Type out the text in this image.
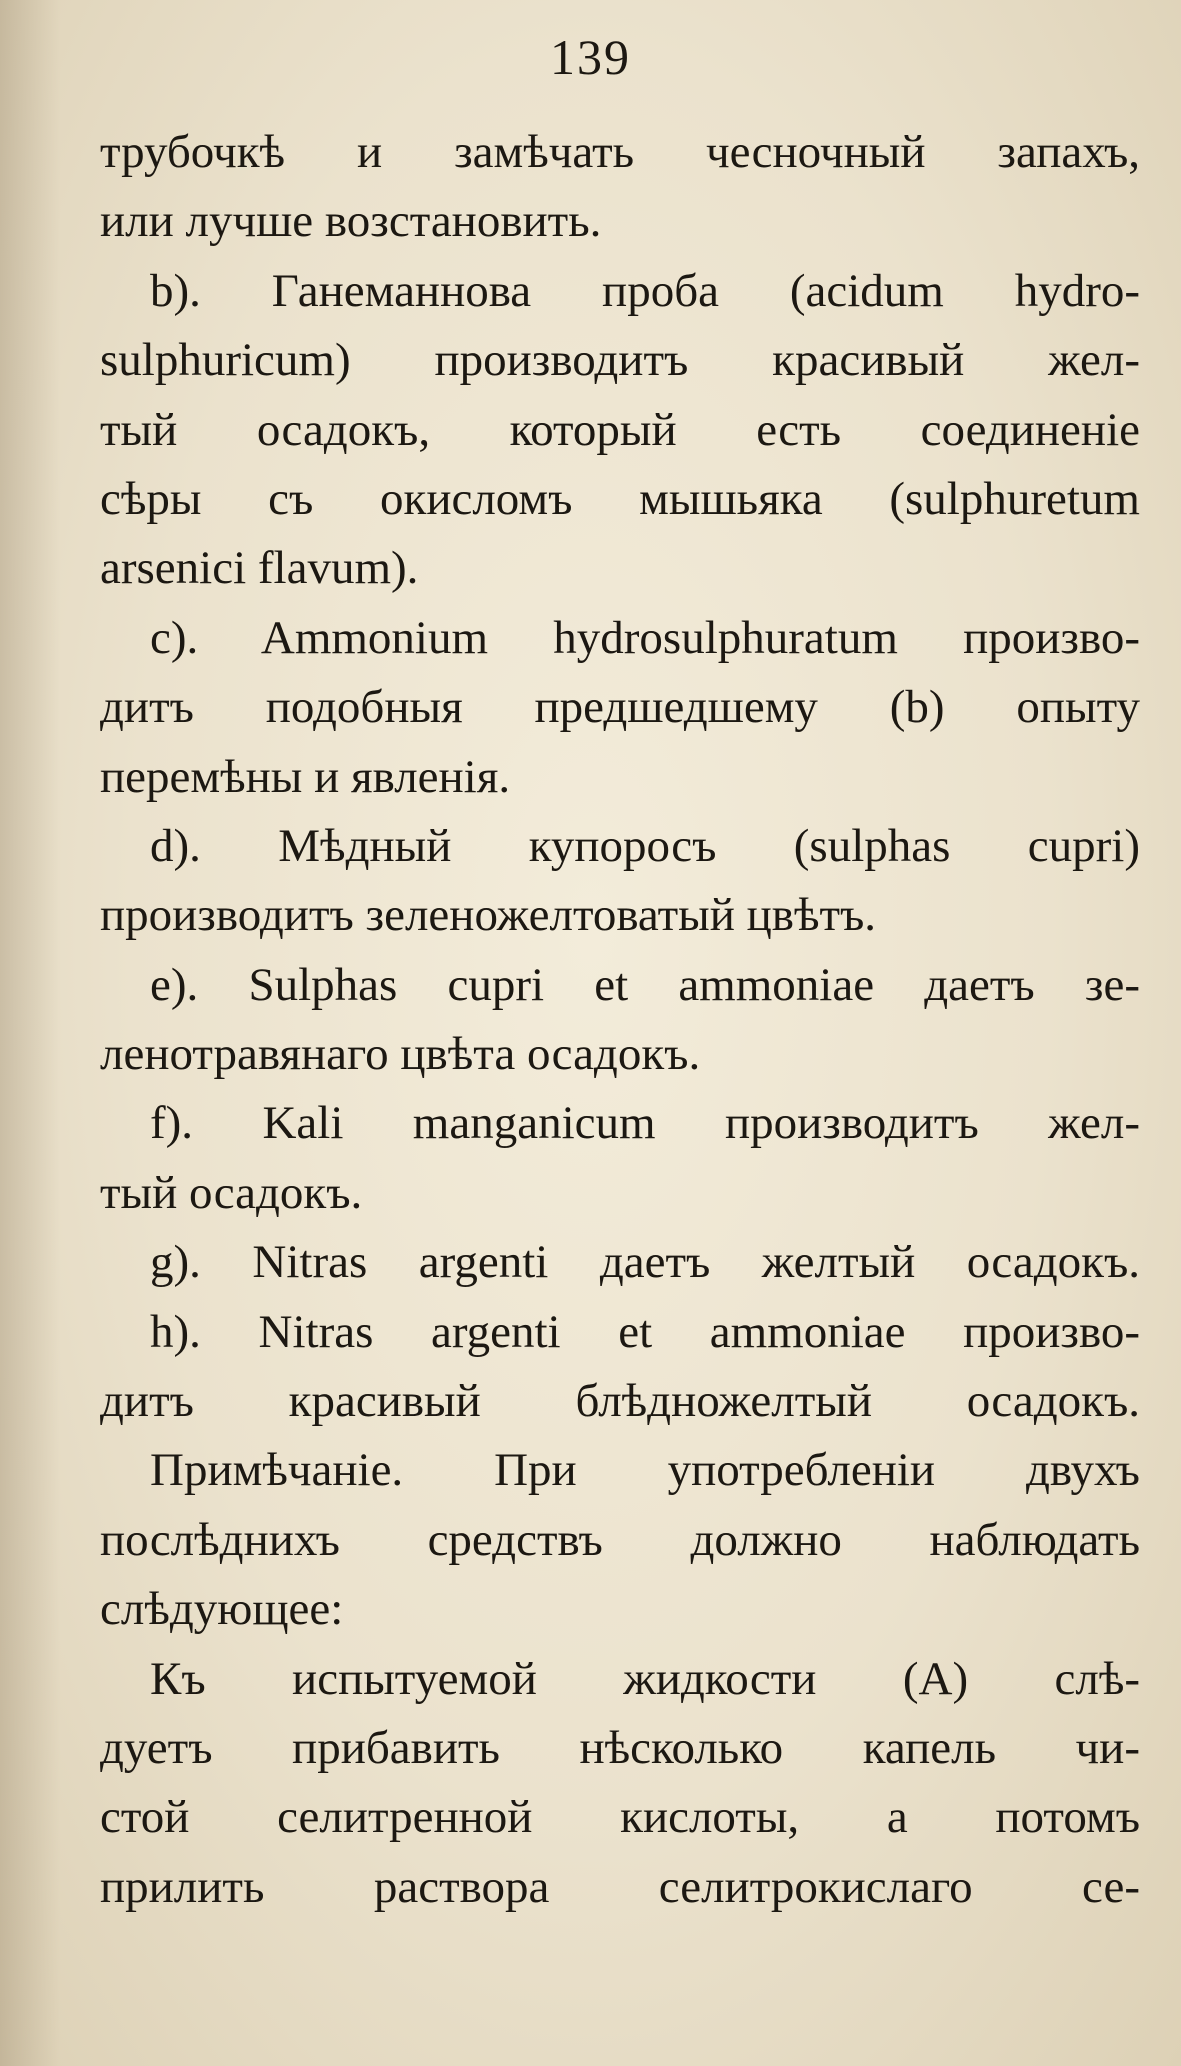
139
трубочкѣ и замѣчать чесночный запахъ,
или лучше возстановить.
b). Ганеманнова проба (acidum hydro-
sulphuricum) производитъ красивый жел-
тый осадокъ, который есть соединенie
сѣры съ окисломъ мышьяка (sulphuretum
arsenici flavum).
c). Ammonium hydrosulphuratum произво-
дитъ подобныя предшедшему (b) опыту
перемѣны и явленiя.
d). Мѣдный купоросъ (sulphas cupri)
производитъ зеленожелтоватый цвѣтъ.
e). Sulphas cupri et ammoniae даетъ зе-
ленотравянаго цвѣта осадокъ.
f). Kali manganicum производитъ жел-
тый осадокъ.
g). Nitras argenti даетъ желтый осадокъ.
h). Nitras argenti et ammoniae произво-
дитъ красивый блѣдножелтый осадокъ.
Примѣчанie. При употребленiи двухъ
послѣднихъ средствъ должно наблюдать
слѣдующее:
Къ испытуемой жидкости (A) слѣ-
дуетъ прибавить нѣсколько капель чи-
стой селитренной кислоты, а потомъ
прилить раствора селитрокислаго се-
